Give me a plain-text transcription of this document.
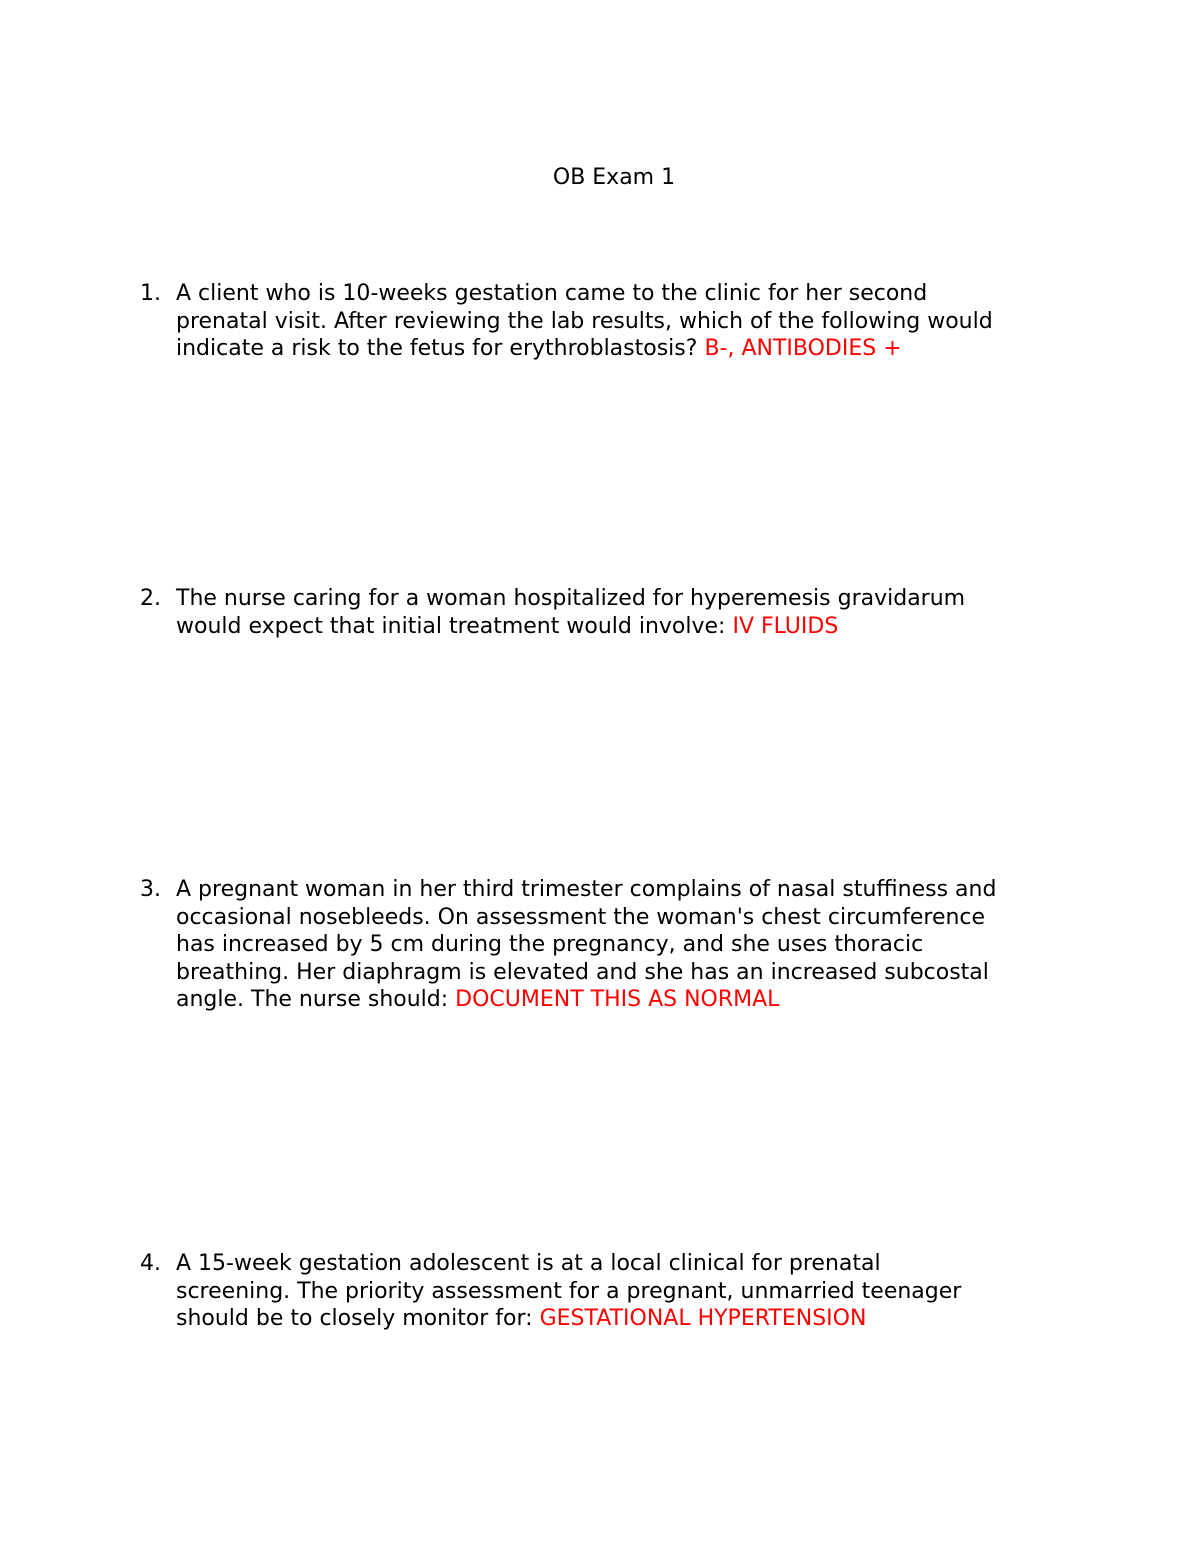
OB Exam 1
1. A client who is 10-weeks gestation came to the clinic for her second prenatal visit. After reviewing the lab results, which of the following would indicate a risk to the fetus for erythroblastosis? B-, ANTIBODIES +
2. The nurse caring for a woman hospitalized for hyperemesis gravidarum would expect that initial treatment would involve: IV FLUIDS
3. A pregnant woman in her third trimester complains of nasal stuffiness and occasional nosebleeds. On assessment the woman's chest circumference has increased by 5 cm during the pregnancy, and she uses thoracic breathing. Her diaphragm is elevated and she has an increased subcostal angle. The nurse should: DOCUMENT THIS AS NORMAL
4. A 15-week gestation adolescent is at a local clinical for prenatal screening. The priority assessment for a pregnant, unmarried teenager should be to closely monitor for: GESTATIONAL HYPERTENSION
